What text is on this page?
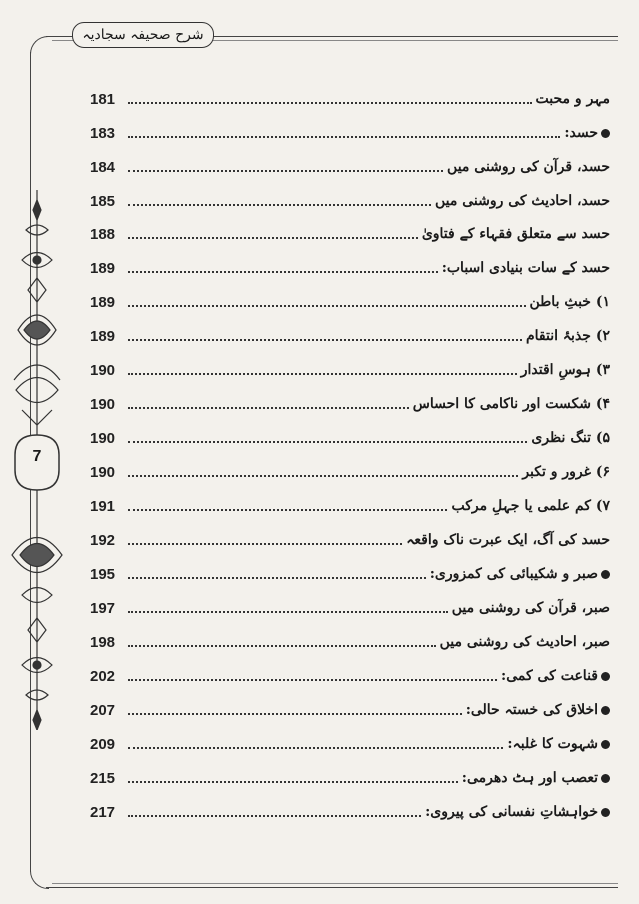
شرح صحیفہ سجادیہ
7
181	مہر و محبت
183	حسد:
184	حسد، قرآن کی روشنی میں
185	حسد، احادیث کی روشنی میں
188	حسد سے متعلق فقہاء کے فتاویٰ
189	حسد کے سات بنیادی اسباب:
189	۱) خبثِ باطن
189	۲) جذبۂ انتقام
190	۳) ہوسِ اقتدار
190	۴) شکست اور ناکامی کا احساس
190	۵) تنگ نظری
190	۶) غرور و تکبر
191	۷) کم علمی یا جہلِ مرکب
192	حسد کی آگ، ایک عبرت ناک واقعہ
195	صبر و شکیبائی کی کمزوری:
197	صبر، قرآن کی روشنی میں
198	صبر، احادیث کی روشنی میں
202	قناعت کی کمی:
207	اخلاق کی خستہ حالی:
209	شہوت کا غلبہ:
215	تعصب اور ہٹ دھرمی:
217	خواہشاتِ نفسانی کی پیروی:
